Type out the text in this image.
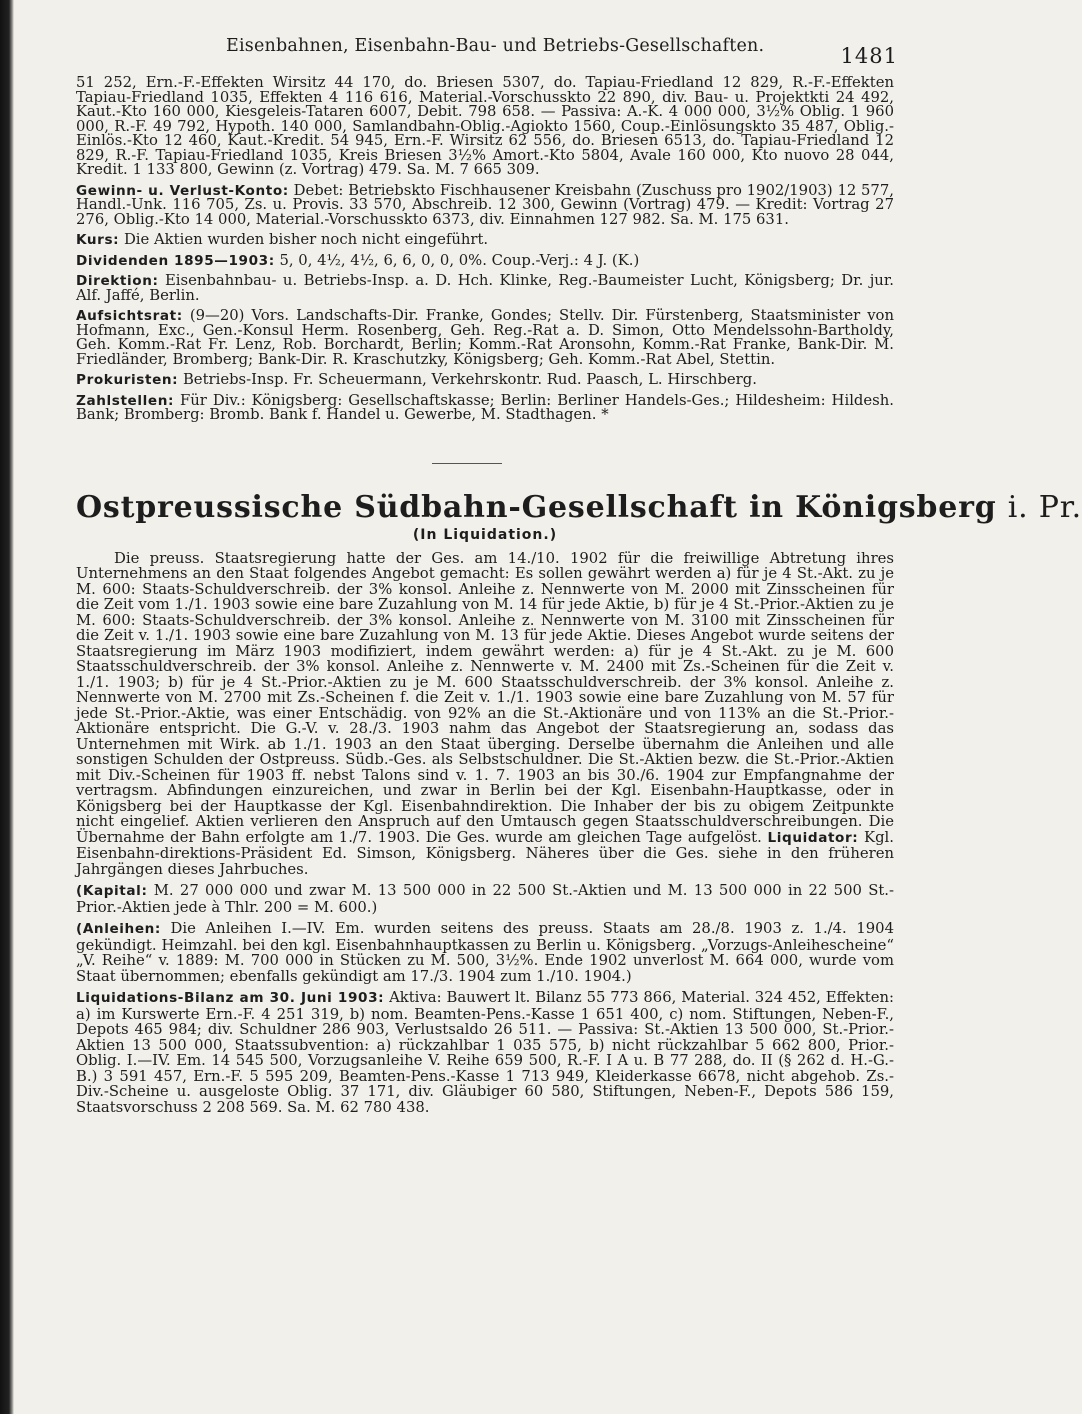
Eisenbahnen, Eisenbahn-Bau- und Betriebs-Gesellschaften.	1481

51 252, Ern.-F.-Effekten Wirsitz 44 170, do. Briesen 5307, do. Tapiau-Friedland 12 829, R.-F.-Effekten Tapiau-Friedland 1035, Effekten 4 116 616, Material.-Vorschusskto 22 890, div. Bau- u. Projektkti 24 492, Kaut.-Kto 160 000, Kiesgeleis-Tataren 6007, Debit. 798 658. — Passiva: A.-K. 4 000 000, 3½% Oblig. 1 960 000, R.-F. 49 792, Hypoth. 140 000, Samlandbahn-Oblig.-Agiokto 1560, Coup.-Einlösungskto 35 487, Oblig.-Einlös.-Kto 12 460, Kaut.-Kredit. 54 945, Ern.-F. Wirsitz 62 556, do. Briesen 6513, do. Tapiau-Friedland 12 829, R.-F. Tapiau-Friedland 1035, Kreis Briesen 3½% Amort.-Kto 5804, Avale 160 000, Kto nuovo 28 044, Kredit. 1 133 800, Gewinn (z. Vortrag) 479. Sa. M. 7 665 309.

Gewinn- u. Verlust-Konto: Debet: Betriebskto Fischhausener Kreisbahn (Zuschuss pro 1902/1903) 12 577, Handl.-Unk. 116 705, Zs. u. Provis. 33 570, Abschreib. 12 300, Gewinn (Vortrag) 479. — Kredit: Vortrag 27 276, Oblig.-Kto 14 000, Material.-Vorschusskto 6373, div. Einnahmen 127 982. Sa. M. 175 631.

Kurs: Die Aktien wurden bisher noch nicht eingeführt.

Dividenden 1895—1903: 5, 0, 4½, 4½, 6, 6, 0, 0, 0%. Coup.-Verj.: 4 J. (K.)

Direktion: Eisenbahnbau- u. Betriebs-Insp. a. D. Hch. Klinke, Reg.-Baumeister Lucht, Königsberg; Dr. jur. Alf. Jaffé, Berlin.

Aufsichtsrat: (9—20) Vors. Landschafts-Dir. Franke, Gondes; Stellv. Dir. Fürstenberg, Staatsminister von Hofmann, Exc., Gen.-Konsul Herm. Rosenberg, Geh. Reg.-Rat a. D. Simon, Otto Mendelssohn-Bartholdy, Geh. Komm.-Rat Fr. Lenz, Rob. Borchardt, Berlin; Komm.-Rat Aronsohn, Komm.-Rat Franke, Bank-Dir. M. Friedländer, Bromberg; Bank-Dir. R. Kraschutzky, Königsberg; Geh. Komm.-Rat Abel, Stettin.

Prokuristen: Betriebs-Insp. Fr. Scheuermann, Verkehrskontr. Rud. Paasch, L. Hirschberg.

Zahlstellen: Für Div.: Königsberg: Gesellschaftskasse; Berlin: Berliner Handels-Ges.; Hildesheim: Hildesh. Bank; Bromberg: Bromb. Bank f. Handel u. Gewerbe, M. Stadthagen. *

Ostpreussische Südbahn-Gesellschaft in Königsberg i. Pr.
(In Liquidation.)

Die preuss. Staatsregierung hatte der Ges. am 14./10. 1902 für die freiwillige Abtretung ihres Unternehmens an den Staat folgendes Angebot gemacht: Es sollen gewährt werden a) für je 4 St.-Akt. zu je M. 600: Staats-Schuldverschreib. der 3% konsol. Anleihe z. Nennwerte von M. 2000 mit Zinsscheinen für die Zeit vom 1./1. 1903 sowie eine bare Zuzahlung von M. 14 für jede Aktie, b) für je 4 St.-Prior.-Aktien zu je M. 600: Staats-Schuldverschreib. der 3% konsol. Anleihe z. Nennwerte von M. 3100 mit Zinsscheinen für die Zeit v. 1./1. 1903 sowie eine bare Zuzahlung von M. 13 für jede Aktie. Dieses Angebot wurde seitens der Staatsregierung im März 1903 modifiziert, indem gewährt werden: a) für je 4 St.-Akt. zu je M. 600 Staatsschuldverschreib. der 3% konsol. Anleihe z. Nennwerte v. M. 2400 mit Zs.-Scheinen für die Zeit v. 1./1. 1903; b) für je 4 St.-Prior.-Aktien zu je M. 600 Staatsschuldverschreib. der 3% konsol. Anleihe z. Nennwerte von M. 2700 mit Zs.-Scheinen f. die Zeit v. 1./1. 1903 sowie eine bare Zuzahlung von M. 57 für jede St.-Prior.-Aktie, was einer Entschädig. von 92% an die St.-Aktionäre und von 113% an die St.-Prior.-Aktionäre entspricht. Die G.-V. v. 28./3. 1903 nahm das Angebot der Staatsregierung an, sodass das Unternehmen mit Wirk. ab 1./1. 1903 an den Staat überging. Derselbe übernahm die Anleihen und alle sonstigen Schulden der Ostpreuss. Südb.-Ges. als Selbstschuldner. Die St.-Aktien bezw. die St.-Prior.-Aktien mit Div.-Scheinen für 1903 ff. nebst Talons sind v. 1. 7. 1903 an bis 30./6. 1904 zur Empfangnahme der vertragsm. Abfindungen einzureichen, und zwar in Berlin bei der Kgl. Eisenbahn-Hauptkasse, oder in Königsberg bei der Hauptkasse der Kgl. Eisenbahndirektion. Die Inhaber der bis zu obigem Zeitpunkte nicht eingelief. Aktien verlieren den Anspruch auf den Umtausch gegen Staatsschuldverschreibungen. Die Übernahme der Bahn erfolgte am 1./7. 1903. Die Ges. wurde am gleichen Tage aufgelöst. Liquidator: Kgl. Eisenbahn-direktions-Präsident Ed. Simson, Königsberg. Näheres über die Ges. siehe in den früheren Jahrgängen dieses Jahrbuches.

(Kapital: M. 27 000 000 und zwar M. 13 500 000 in 22 500 St.-Aktien und M. 13 500 000 in 22 500 St.-Prior.-Aktien jede à Thlr. 200 = M. 600.)

(Anleihen: Die Anleihen I.—IV. Em. wurden seitens des preuss. Staats am 28./8. 1903 z. 1./4. 1904 gekündigt. Heimzahl. bei den kgl. Eisenbahnhauptkassen zu Berlin u. Königsberg. „Vorzugs-Anleihescheine“ „V. Reihe“ v. 1889: M. 700 000 in Stücken zu M. 500, 3½%. Ende 1902 unverlost M. 664 000, wurde vom Staat übernommen; ebenfalls gekündigt am 17./3. 1904 zum 1./10. 1904.)

Liquidations-Bilanz am 30. Juni 1903: Aktiva: Bauwert lt. Bilanz 55 773 866, Material. 324 452, Effekten: a) im Kurswerte Ern.-F. 4 251 319, b) nom. Beamten-Pens.-Kasse 1 651 400, c) nom. Stiftungen, Neben-F., Depots 465 984; div. Schuldner 286 903, Verlustsaldo 26 511. — Passiva: St.-Aktien 13 500 000, St.-Prior.-Aktien 13 500 000, Staatssubvention: a) rückzahlbar 1 035 575, b) nicht rückzahlbar 5 662 800, Prior.-Oblig. I.—IV. Em. 14 545 500, Vorzugsanleihe V. Reihe 659 500, R.-F. I A u. B 77 288, do. II (§ 262 d. H.-G.-B.) 3 591 457, Ern.-F. 5 595 209, Beamten-Pens.-Kasse 1 713 949, Kleiderkasse 6678, nicht abgehob. Zs.-Div.-Scheine u. ausgeloste Oblig. 37 171, div. Gläubiger 60 580, Stiftungen, Neben-F., Depots 586 159, Staatsvorschuss 2 208 569. Sa. M. 62 780 438.
